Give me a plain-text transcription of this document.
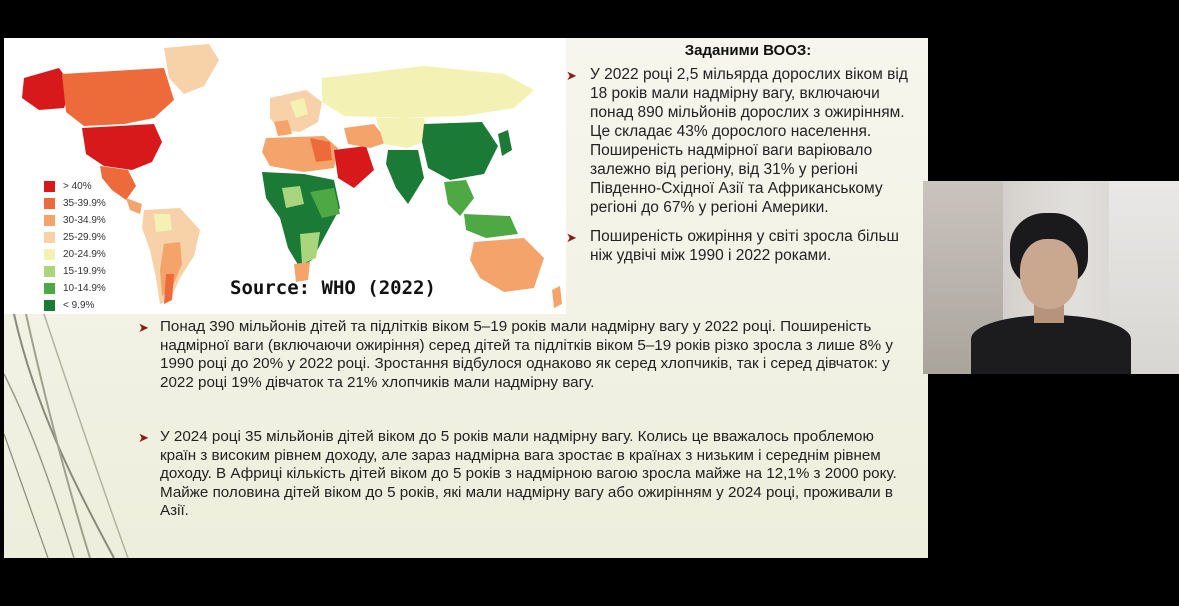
> 40%
35-39.9%
30-34.9%
25-29.9%
20-24.9%
15-19.9%
10-14.9%
< 9.9%
Source: WHO (2022)
Заданими ВООЗ:
➤ У 2022 році 2,5 мільярда дорослих віком від 18 років мали надмірну вагу, включаючи понад 890 мільйонів дорослих з ожирінням. Це складає 43% дорослого населення. Поширеність надмірної ваги варіювало залежно від регіону, від 31% у регіоні Південно-Східної Азії та Африканському регіоні до 67% у регіоні Америки.
➤ Поширеність ожиріння у світі зросла більш ніж удвічі між 1990 і 2022 роками.
➤ Понад 390 мільйонів дітей та підлітків віком 5–19 років мали надмірну вагу у 2022 році. Поширеність надмірної ваги (включаючи ожиріння) серед дітей та підлітків віком 5–19 років різко зросла з лише 8% у 1990 році до 20% у 2022 році. Зростання відбулося однаково як серед хлопчиків, так і серед дівчаток: у 2022 році 19% дівчаток та 21% хлопчиків мали надмірну вагу.
➤ У 2024 році 35 мільйонів дітей віком до 5 років мали надмірну вагу. Колись це вважалось проблемою країн з високим рівнем доходу, але зараз надмірна вага зростає в країнах з низьким і середнім рівнем доходу. В Африці кількість дітей віком до 5 років з надмірною вагою зросла майже на 12,1% з 2000 року. Майже половина дітей віком до 5 років, які мали надмірну вагу або ожирінням у 2024 році, проживали в Азії.
